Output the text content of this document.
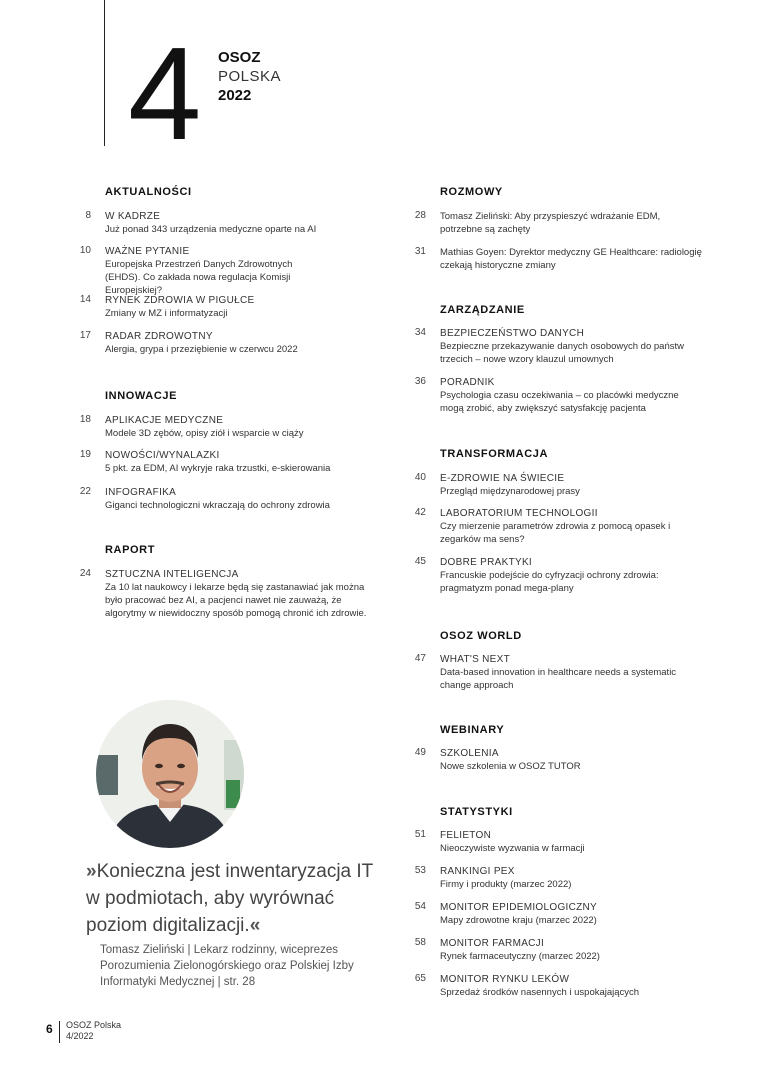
4 OSOZ
POLSKA
2022
AKTUALNOŚCI
8 W KADRZE
Już ponad 343 urządzenia medyczne oparte na AI
10 WAŻNE PYTANIE
Europejska Przestrzeń Danych Zdrowotnych (EHDS). Co zakłada nowa regulacja Komisji Europejskiej?
14 RYNEK ZDROWIA W PIGUŁCE
Zmiany w MZ i informatyzacji
17 RADAR ZDROWOTNY
Alergia, grypa i przeziębienie w czerwcu 2022
INNOWACJE
18 APLIKACJE MEDYCZNE
Modele 3D zębów, opisy ziół i wsparcie w ciąży
19 NOWOŚCI/WYNALAZKI
5 pkt. za EDM, AI wykryje raka trzustki, e-skierowania
22 INFOGRAFIKA
Giganci technologiczni wkraczają do ochrony zdrowia
RAPORT
24 SZTUCZNA INTELIGENCJA
Za 10 lat naukowcy i lekarze będą się zastanawiać jak można było pracować bez AI, a pacjenci nawet nie zauważą, że algorytmy w niewidoczny sposób pomogą chronić ich zdrowie.
»Konieczna jest inwentaryzacja IT w podmiotach, aby wyrównać poziom digitalizacji.«
Tomasz Zieliński | Lekarz rodzinny, wiceprezes Porozumienia Zielonogórskiego oraz Polskiej Izby Informatyki Medycznej | str. 28
ROZMOWY
28 Tomasz Zieliński: Aby przyspieszyć wdrażanie EDM, potrzebne są zachęty
31 Mathias Goyen: Dyrektor medyczny GE Healthcare: radiologię czekają historyczne zmiany
ZARZĄDZANIE
34 BEZPIECZEŃSTWO DANYCH
Bezpieczne przekazywanie danych osobowych do państw trzecich – nowe wzory klauzul umownych
36 PORADNIK
Psychologia czasu oczekiwania – co placówki medyczne mogą zrobić, aby zwiększyć satysfakcję pacjenta
TRANSFORMACJA
40 E-ZDROWIE NA ŚWIECIE
Przegląd międzynarodowej prasy
42 LABORATORIUM TECHNOLOGII
Czy mierzenie parametrów zdrowia z pomocą opasek i zegarków ma sens?
45 DOBRE PRAKTYKI
Francuskie podejście do cyfryzacji ochrony zdrowia: pragmatyzm ponad mega-plany
OSOZ WORLD
47 WHAT'S NEXT
Data-based innovation in healthcare needs a systematic change approach
WEBINARY
49 SZKOLENIA
Nowe szkolenia w OSOZ TUTOR
STATYSTYKI
51 FELIETON
Nieoczywiste wyzwania w farmacji
53 RANKINGI PEX
Firmy i produkty (marzec 2022)
54 MONITOR EPIDEMIOLOGICZNY
Mapy zdrowotne kraju (marzec 2022)
58 MONITOR FARMACJI
Rynek farmaceutyczny (marzec 2022)
65 MONITOR RYNKU LEKÓW
Sprzedaż środków nasennych i uspokajających
6 OSOZ Polska
4/2022
